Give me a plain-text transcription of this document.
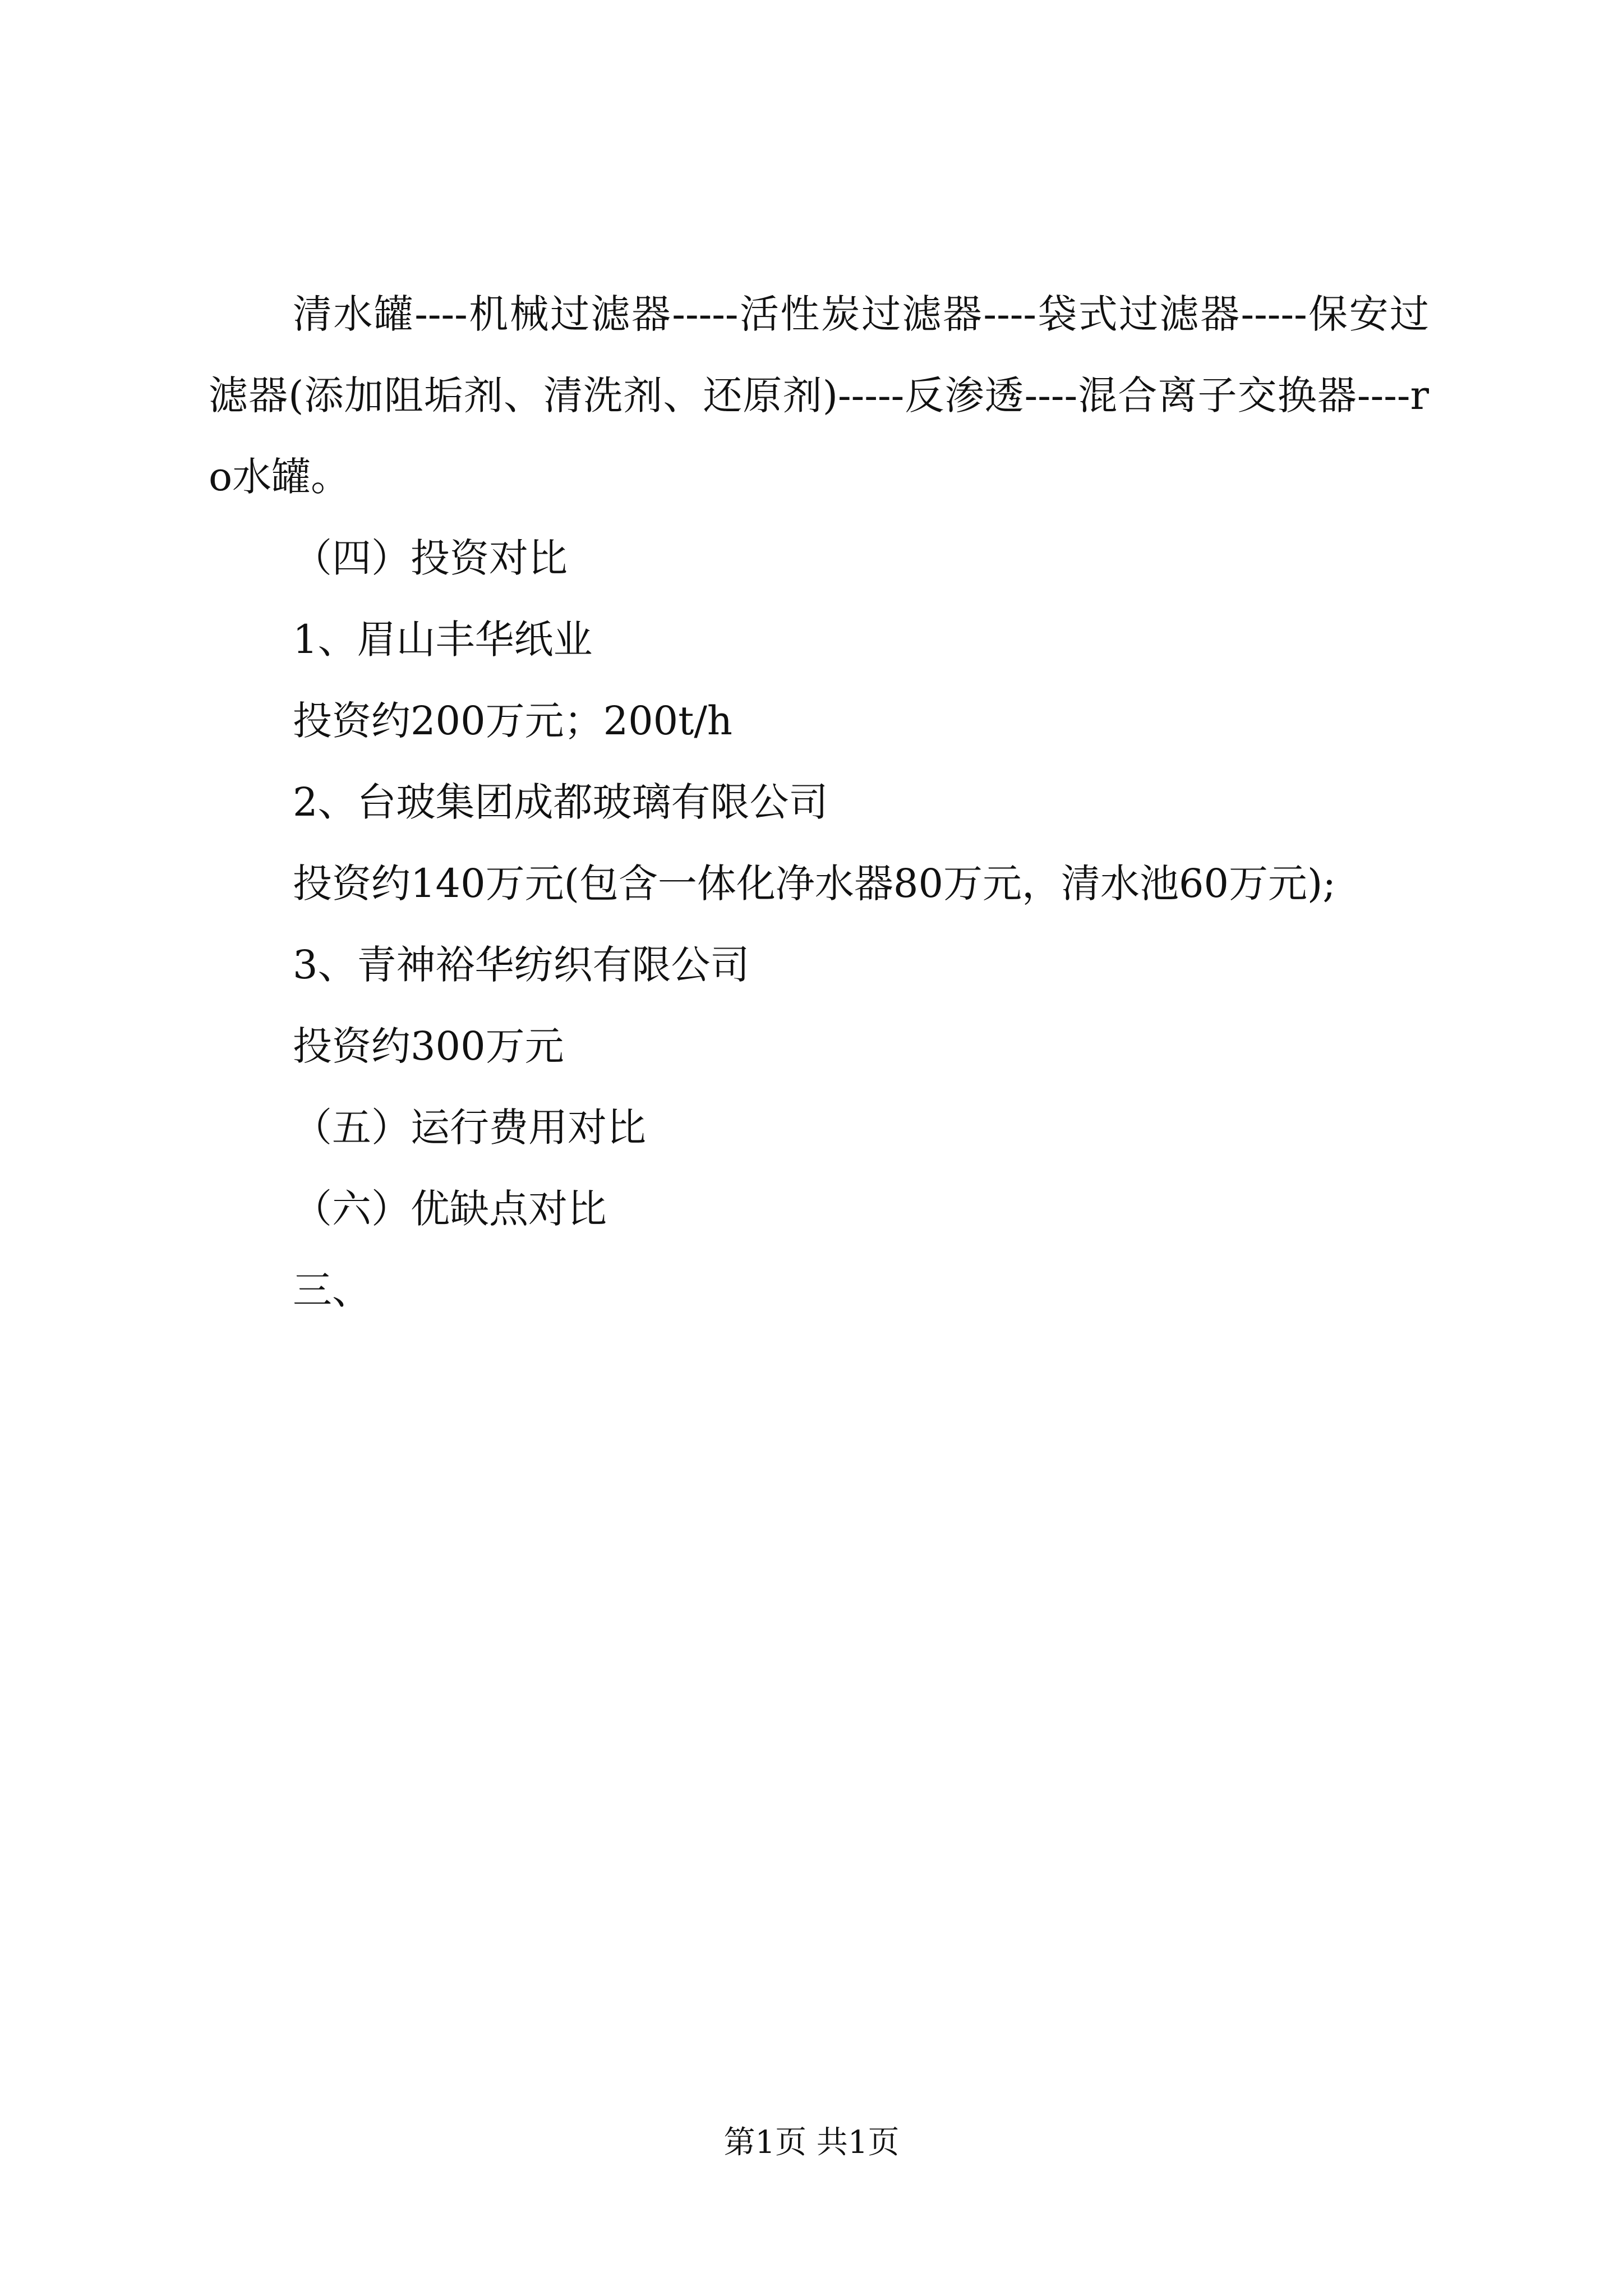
清水罐----机械过滤器-----活性炭过滤器----袋式过滤器-----保安过滤器(添加阻垢剂、清洗剂、还原剂)-----反渗透----混合离子交换器----ro水罐。

（四）投资对比

1、眉山丰华纸业

投资约200万元；200t/h

2、台玻集团成都玻璃有限公司

投资约140万元(包含一体化净水器80万元，清水池60万元);

3、青神裕华纺织有限公司

投资约300万元

（五）运行费用对比

（六）优缺点对比

三、

第1页 共1页
